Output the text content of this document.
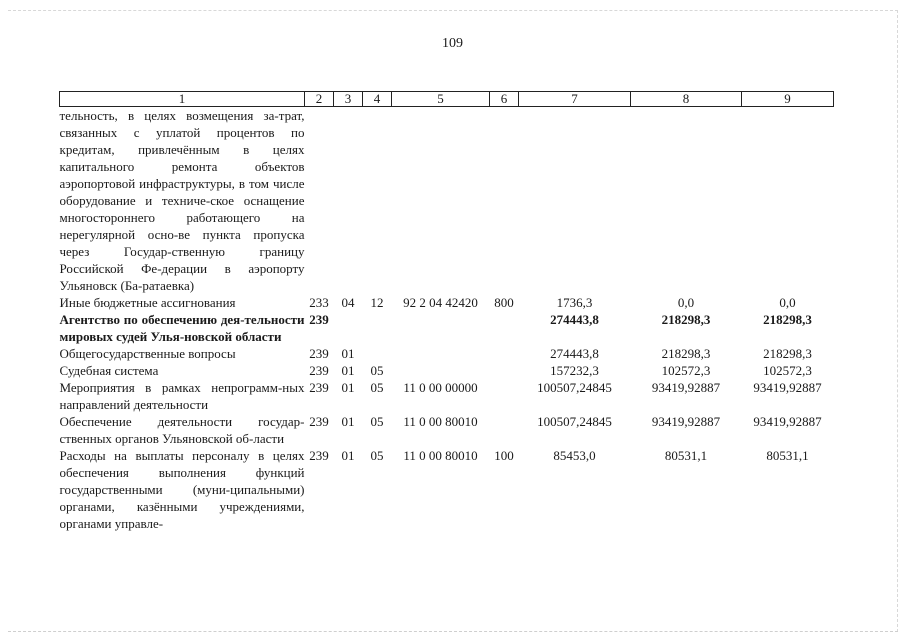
109
1	2	3	4	5	6	7	8	9
тельность, в целях возмещения за-трат, связанных с уплатой процентов по кредитам, привлечённым в целях капитального ремонта объектов аэропортовой инфраструктуры, в том числе оборудование и техниче-ское оснащение многостороннего работающего на нерегулярной осно-ве пункта пропуска через Государ-ственную границу Российской Фе-дерации в аэропорту Ульяновск (Ба-ратаевка)								
Иные бюджетные ассигнования	233	04	12	92 2 04 42420	800	1736,3	0,0	0,0
Агентство по обеспечению дея-тельности мировых судей Улья-новской области	239					274443,8	218298,3	218298,3
Общегосударственные вопросы	239	01				274443,8	218298,3	218298,3
Судебная система	239	01	05			157232,3	102572,3	102572,3
Мероприятия в рамках непрограмм-ных направлений деятельности	239	01	05	11 0 00 00000		100507,24845	93419,92887	93419,92887
Обеспечение деятельности государ-ственных органов Ульяновской об-ласти	239	01	05	11 0 00 80010		100507,24845	93419,92887	93419,92887
Расходы на выплаты персоналу в целях обеспечения выполнения функций государственными (муни-ципальными) органами, казёнными учреждениями, органами управле-	239	01	05	11 0 00 80010	100	85453,0	80531,1	80531,1
